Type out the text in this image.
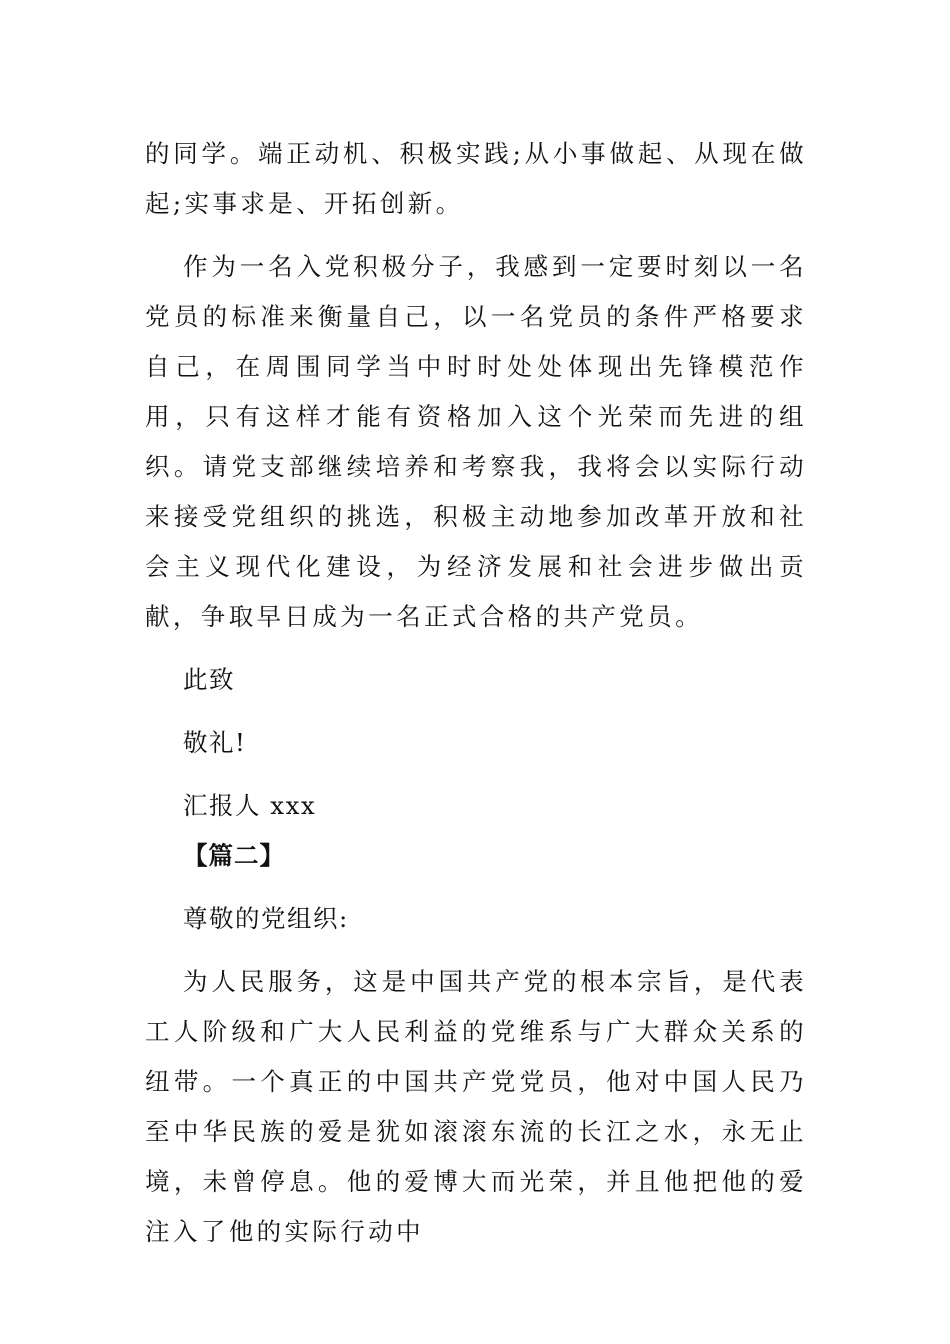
的同学。端正动机、积极实践;从小事做起、从现在做起;实事求是、开拓创新。

作为一名入党积极分子，我感到一定要时刻以一名党员的标准来衡量自己，以一名党员的条件严格要求自己，在周围同学当中时时处处体现出先锋模范作用，只有这样才能有资格加入这个光荣而先进的组织。请党支部继续培养和考察我，我将会以实际行动来接受党组织的挑选，积极主动地参加改革开放和社会主义现代化建设，为经济发展和社会进步做出贡献，争取早日成为一名正式合格的共产党员。

此致

敬礼!

汇报人 xxx

【篇二】

尊敬的党组织:

为人民服务，这是中国共产党的根本宗旨，是代表工人阶级和广大人民利益的党维系与广大群众关系的纽带。一个真正的中国共产党党员，他对中国人民乃至中华民族的爱是犹如滚滚东流的长江之水，永无止境，未曾停息。他的爱博大而光荣，并且他把他的爱注入了他的实际行动中
